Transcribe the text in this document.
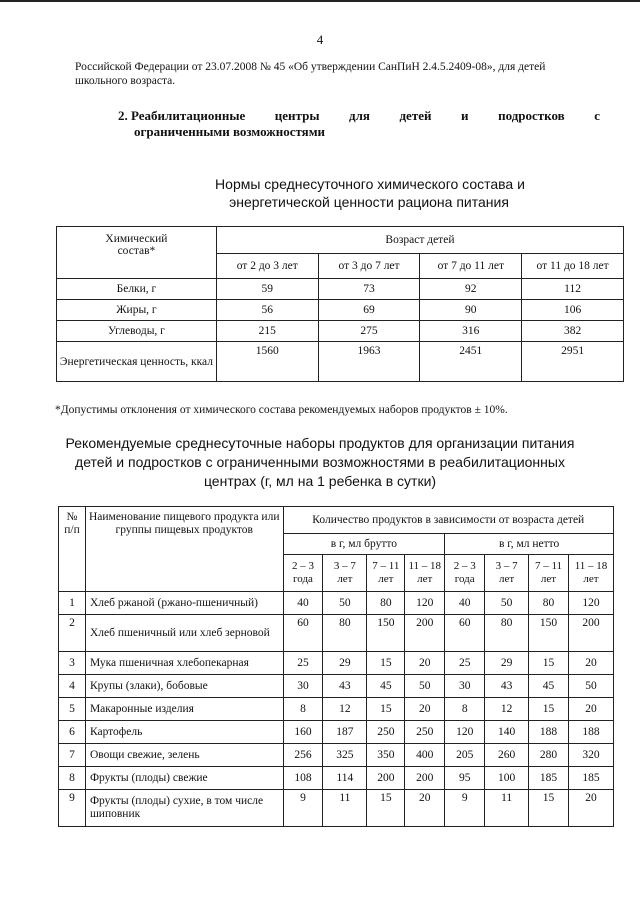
4
Российской Федерации от 23.07.2008 № 45 «Об утверждении СанПиН 2.4.5.2409-08», для детей
школьного возраста.
2. Реабилитационные центры для детей и подростков с
ограниченными возможностями
Нормы среднесуточного химического состава и
энергетической ценности рациона питания
Химический состав*	Возраст детей			
	от 2 до 3 лет	от 3 до 7 лет	от 7 до 11 лет	от 11 до 18 лет
Белки, г	59	73	92	112
Жиры, г	56	69	90	106
Углеводы, г	215	275	316	382
Энергетическая ценность, ккал	1560	1963	2451	2951
*Допустимы отклонения от химического состава рекомендуемых наборов продуктов ± 10%.
Рекомендуемые среднесуточные наборы продуктов для организации питания
детей и подростков с ограниченными возможностями в реабилитационных
центрах (г, мл на 1 ребенка в сутки)
№ п/п	Наименование пищевого продукта или группы пищевых продуктов	Количество продуктов в зависимости от возраста детей							
		в г, мл брутто				в г, мл нетто			
		2 – 3 года	3 – 7 лет	7 – 11 лет	11 – 18 лет	2 – 3 года	3 – 7 лет	7 – 11 лет	11 – 18 лет
1	Хлеб ржаной (ржано-пшеничный)	40	50	80	120	40	50	80	120
2	Хлеб пшеничный или хлеб зерновой	60	80	150	200	60	80	150	200
3	Мука пшеничная хлебопекарная	25	29	15	20	25	29	15	20
4	Крупы (злаки), бобовые	30	43	45	50	30	43	45	50
5	Макаронные изделия	8	12	15	20	8	12	15	20
6	Картофель	160	187	250	250	120	140	188	188
7	Овощи свежие, зелень	256	325	350	400	205	260	280	320
8	Фрукты (плоды) свежие	108	114	200	200	95	100	185	185
9	Фрукты (плоды) сухие, в том числе шиповник	9	11	15	20	9	11	15	20
